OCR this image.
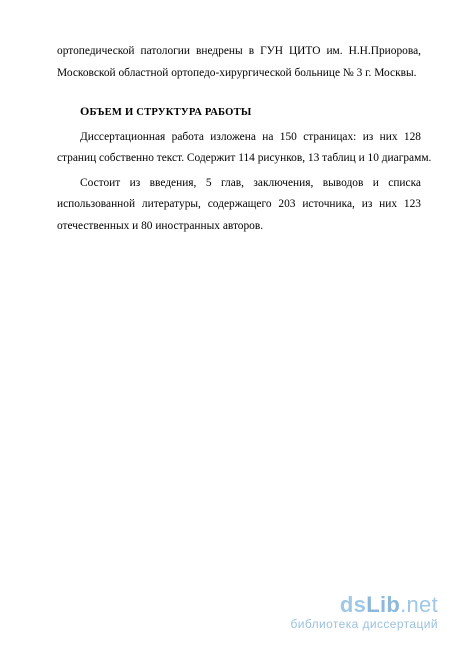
ортопедической патологии внедрены в ГУН ЦИТО им. Н.Н.Приорова,
Московской областной ортопедо-хирургической больнице № 3 г. Москвы.
ОБЪЕМ И СТРУКТУРА РАБОТЫ
Диссертационная работа изложена на 150 страницах: из них 128
страниц собственно текст. Содержит 114 рисунков, 13 таблиц и 10 диаграмм.
Состоит из введения, 5 глав, заключения, выводов и списка
использованной литературы, содержащего 203 источника, из них 123
отечественных и 80 иностранных авторов.
dsLib.net
библиотека диссертаций
